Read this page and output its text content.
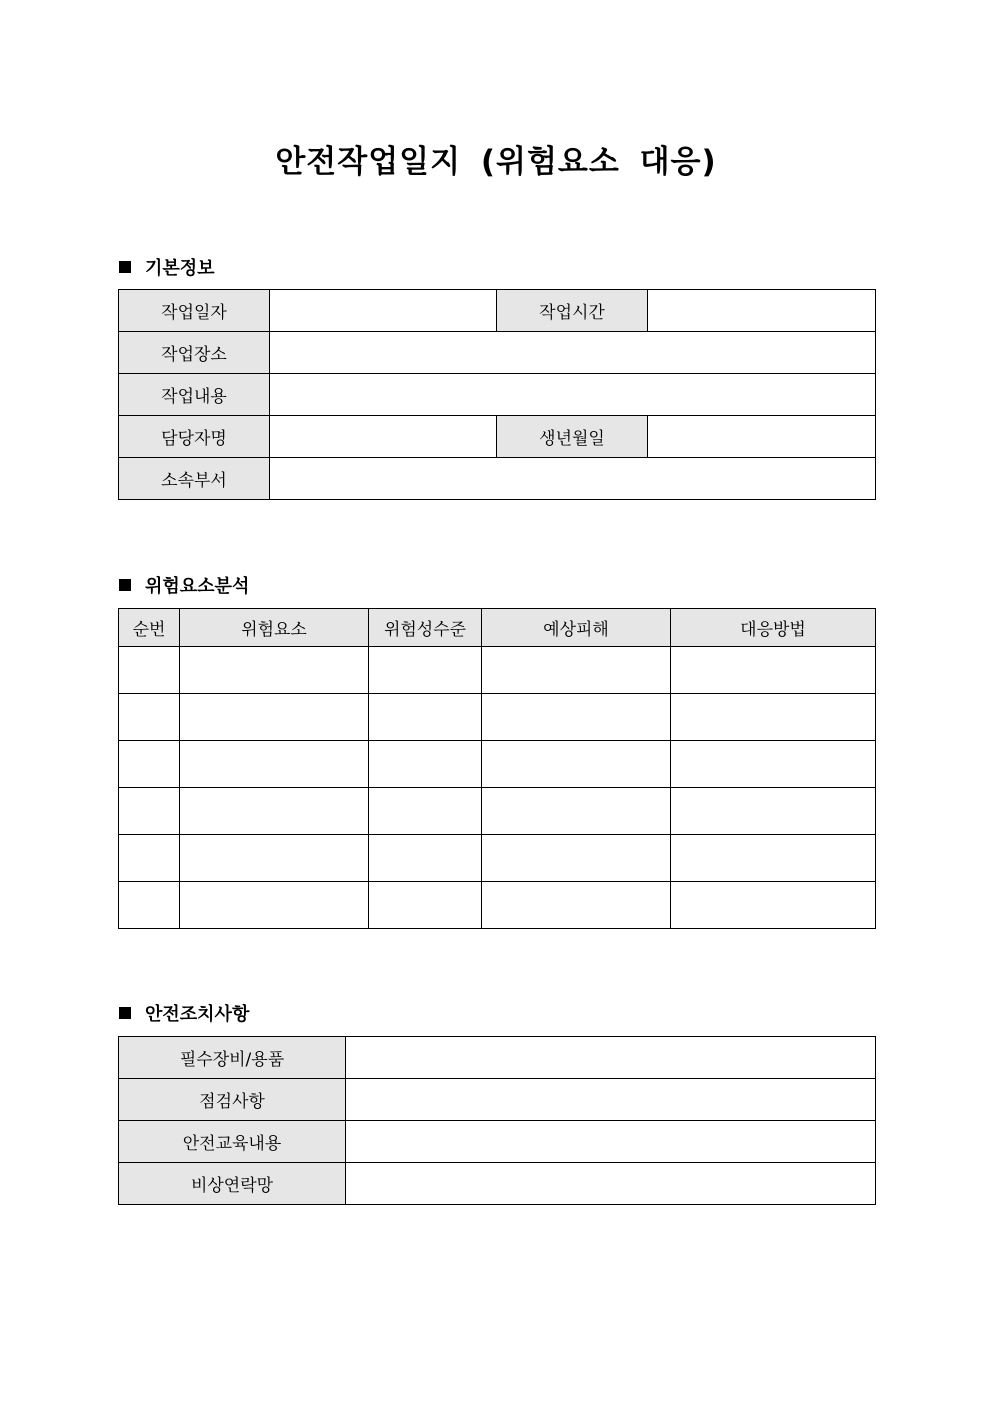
안전작업일지 (위험요소 대응)
기본정보
작업일자		작업시간	
작업장소			
작업내용			
담당자명		생년월일	
소속부서			
위험요소분석
순번	위험요소	위험성수준	예상피해	대응방법

안전조치사항
필수장비/용품	
점검사항	
안전교육내용	
비상연락망	
